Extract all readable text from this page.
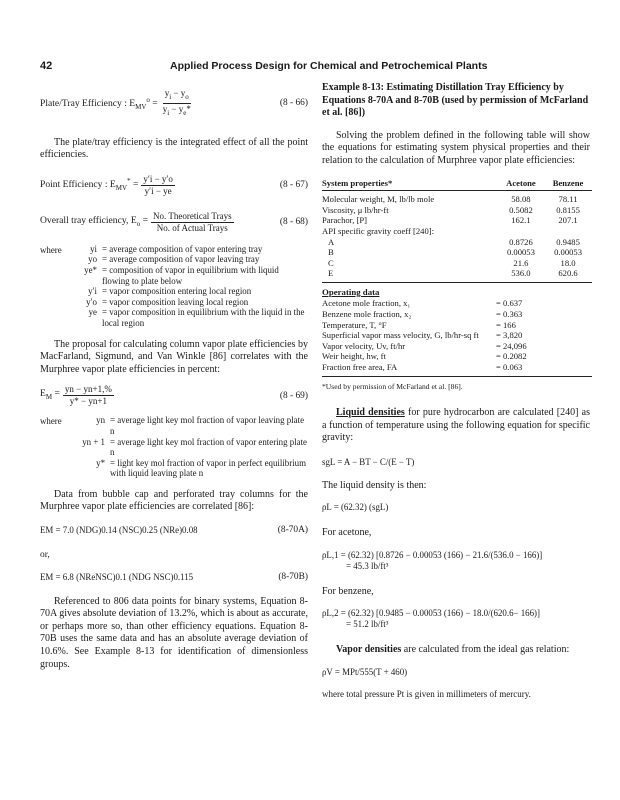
42	Applied Process Design for Chemical and Petrochemical Plants
Plate/Tray Efficiency : $E_{MV}^o = \frac{y_i - y_o}{y_i - y_e*}$	(8 - 66)

The plate/tray efficiency is the integrated effect of all the point efficiencies.

Point Efficiency : $E_{MV}^* = \frac{y'i - y'o}{y'i - ye}$	(8 - 67)
Overall tray efficiency, $E_o = \frac{\text{No. Theoretical Trays}}{\text{No. of Actual Trays}}$	(8 - 68)
where	yi = average composition of vapor entering tray
yo = average composition of vapor leaving tray
ye* = composition of vapor in equilibrium with liquid flowing to plate below
y′i = vapor composition entering local region
y′o = vapor composition leaving local region
ye = vapor composition in equilibrium with the liquid in the local region

The proposal for calculating column vapor plate efficiencies by MacFarland, Sigmund, and Van Winkle [86] correlates with the Murphree vapor plate efficiencies in percent:

$E_M = \frac{yn - yn+1,\%}{y* - yn+1}$	(8 - 69)
where	yn = average light key mol fraction of vapor leaving plate n
yn + 1 = average light key mol fraction of vapor entering plate n
y* = light key mol fraction of vapor in perfect equilibrium with liquid leaving plate n

Data from bubble cap and perforated tray columns for the Murphree vapor plate efficiencies are correlated [86]:

EM = 7.0 (NDG)0.14 (NSC)0.25 (NRe)0.08	(8-70A)
or,
EM = 6.8 (NReNSC)0.1 (NDG NSC)0.115	(8-70B)

Referenced to 806 data points for binary systems, Equation 8-70A gives absolute deviation of 13.2%, which is about as accurate, or perhaps more so, than other efficiency equations. Equation 8-70B uses the same data and has an absolute average deviation of 10.6%. See Example 8-13 for identification of dimensionless groups.

Example 8-13: Estimating Distillation Tray Efficiency by Equations 8-70A and 8-70B (used by permission of McFarland et al. [86])

Solving the problem defined in the following table will show the equations for estimating system physical properties and their relation to the calculation of Murphree vapor plate efficiencies:

System properties*	Acetone	Benzene
Molecular weight, M, lb/lb mole	58.08	78.11
Viscosity, μ lb/hr-ft	0.5082	0.8155
Parachor, [P]	162.1	207.1
API specific gravity coeff [240]:		
A	0.8726	0.9485
B	0.00053	0.00053
C	21.6	18.0
E	536.0	620.6
Operating data
Acetone mole fraction, x₁	= 0.637
Benzene mole fraction, x₂	= 0.363
Temperature, T, °F	= 166
Superficial vapor mass velocity, G, lb/hr-sq ft = 3,820
Vapor velocity, Uv, ft/hr	= 24,096
Weir height, hw, ft	= 0.2082
Fraction free area, FA	= 0.063
*Used by permission of McFarland et al. [86].

Liquid densities for pure hydrocarbon are calculated [240] as a function of temperature using the following equation for specific gravity:

sgL = A − BT − C/(E − T)

The liquid density is then:

ρL = (62.32) (sgL)

For acetone,

ρL,1 = (62.32) [0.8726 − 0.00053 (166) − 21.6/(536.0 − 166)]
= 45.3 lb/ft³

For benzene,

ρL,2 = (62.32) [0.9485 − 0.00053 (166) − 18.0/(620.6− 166)]
= 51.2 lb/ft³

Vapor densities are calculated from the ideal gas relation:

ρV = MPt/555(T + 460)

where total pressure Pt is given in millimeters of mercury.
